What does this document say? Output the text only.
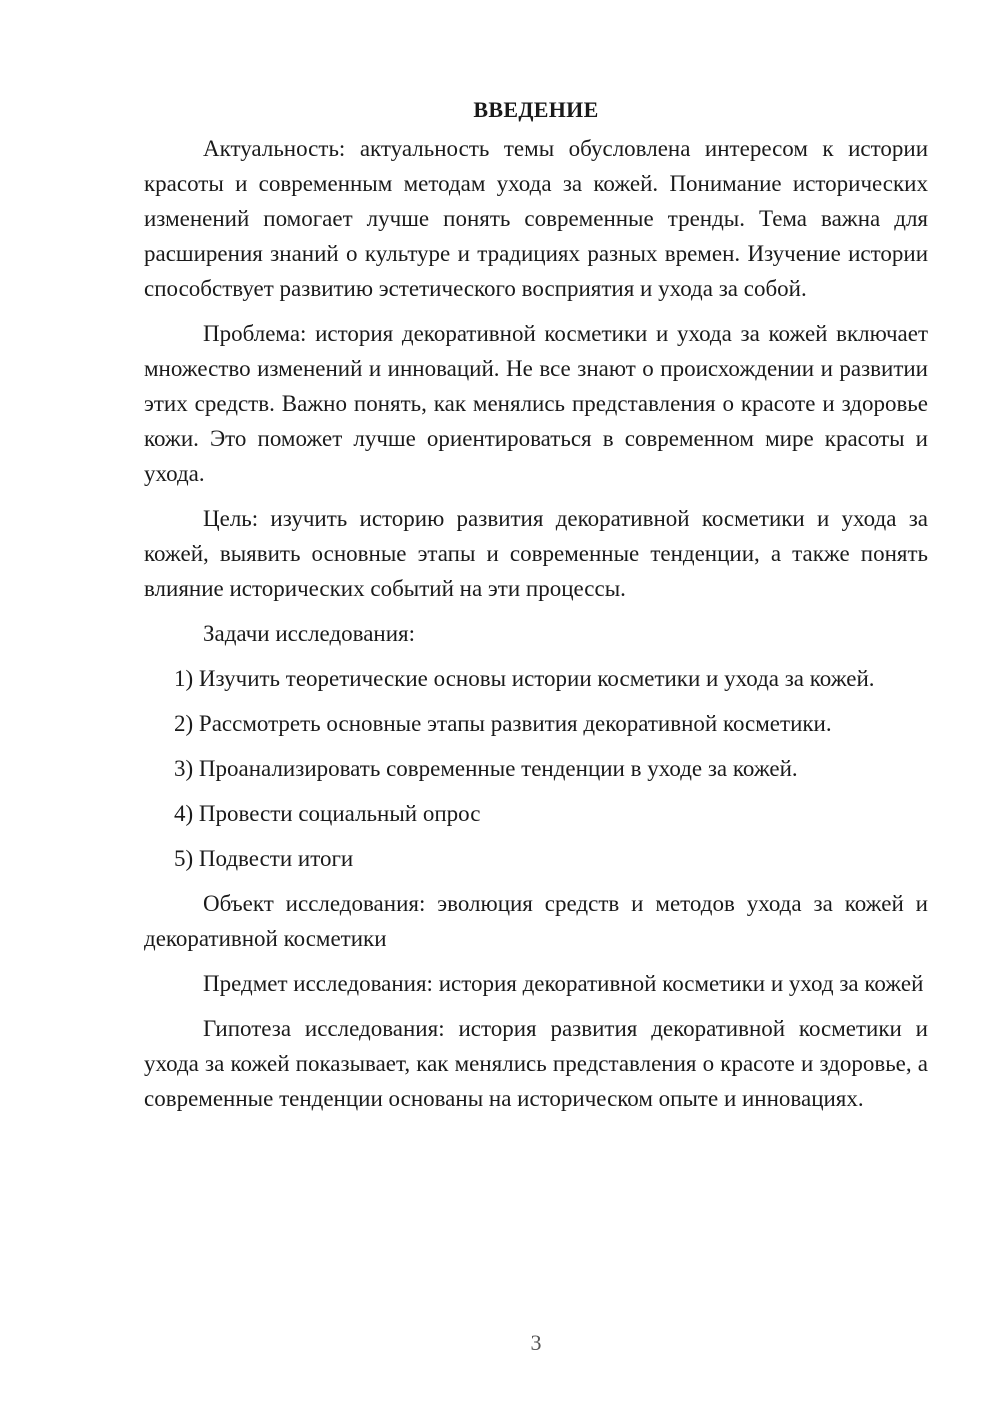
ВВЕДЕНИЕ

Актуальность: актуальность темы обусловлена интересом к истории красоты и современным методам ухода за кожей. Понимание исторических изменений помогает лучше понять современные тренды. Тема важна для расширения знаний о культуре и традициях разных времен. Изучение истории способствует развитию эстетического восприятия и ухода за собой.

Проблема: история декоративной косметики и ухода за кожей включает множество изменений и инноваций. Не все знают о происхождении и развитии этих средств. Важно понять, как менялись представления о красоте и здоровье кожи. Это поможет лучше ориентироваться в современном мире красоты и ухода.

Цель: изучить историю развития декоративной косметики и ухода за кожей, выявить основные этапы и современные тенденции, а также понять влияние исторических событий на эти процессы.

Задачи исследования:

1) Изучить теоретические основы истории косметики и ухода за кожей.

2) Рассмотреть основные этапы развития декоративной косметики.

3) Проанализировать современные тенденции в уходе за кожей.

4) Провести социальный опрос

5) Подвести итоги

Объект исследования: эволюция средств и методов ухода за кожей и декоративной косметики

Предмет исследования: история декоративной косметики и уход за кожей

Гипотеза исследования: история развития декоративной косметики и ухода за кожей показывает, как менялись представления о красоте и здоровье, а современные тенденции основаны на историческом опыте и инновациях.

3
